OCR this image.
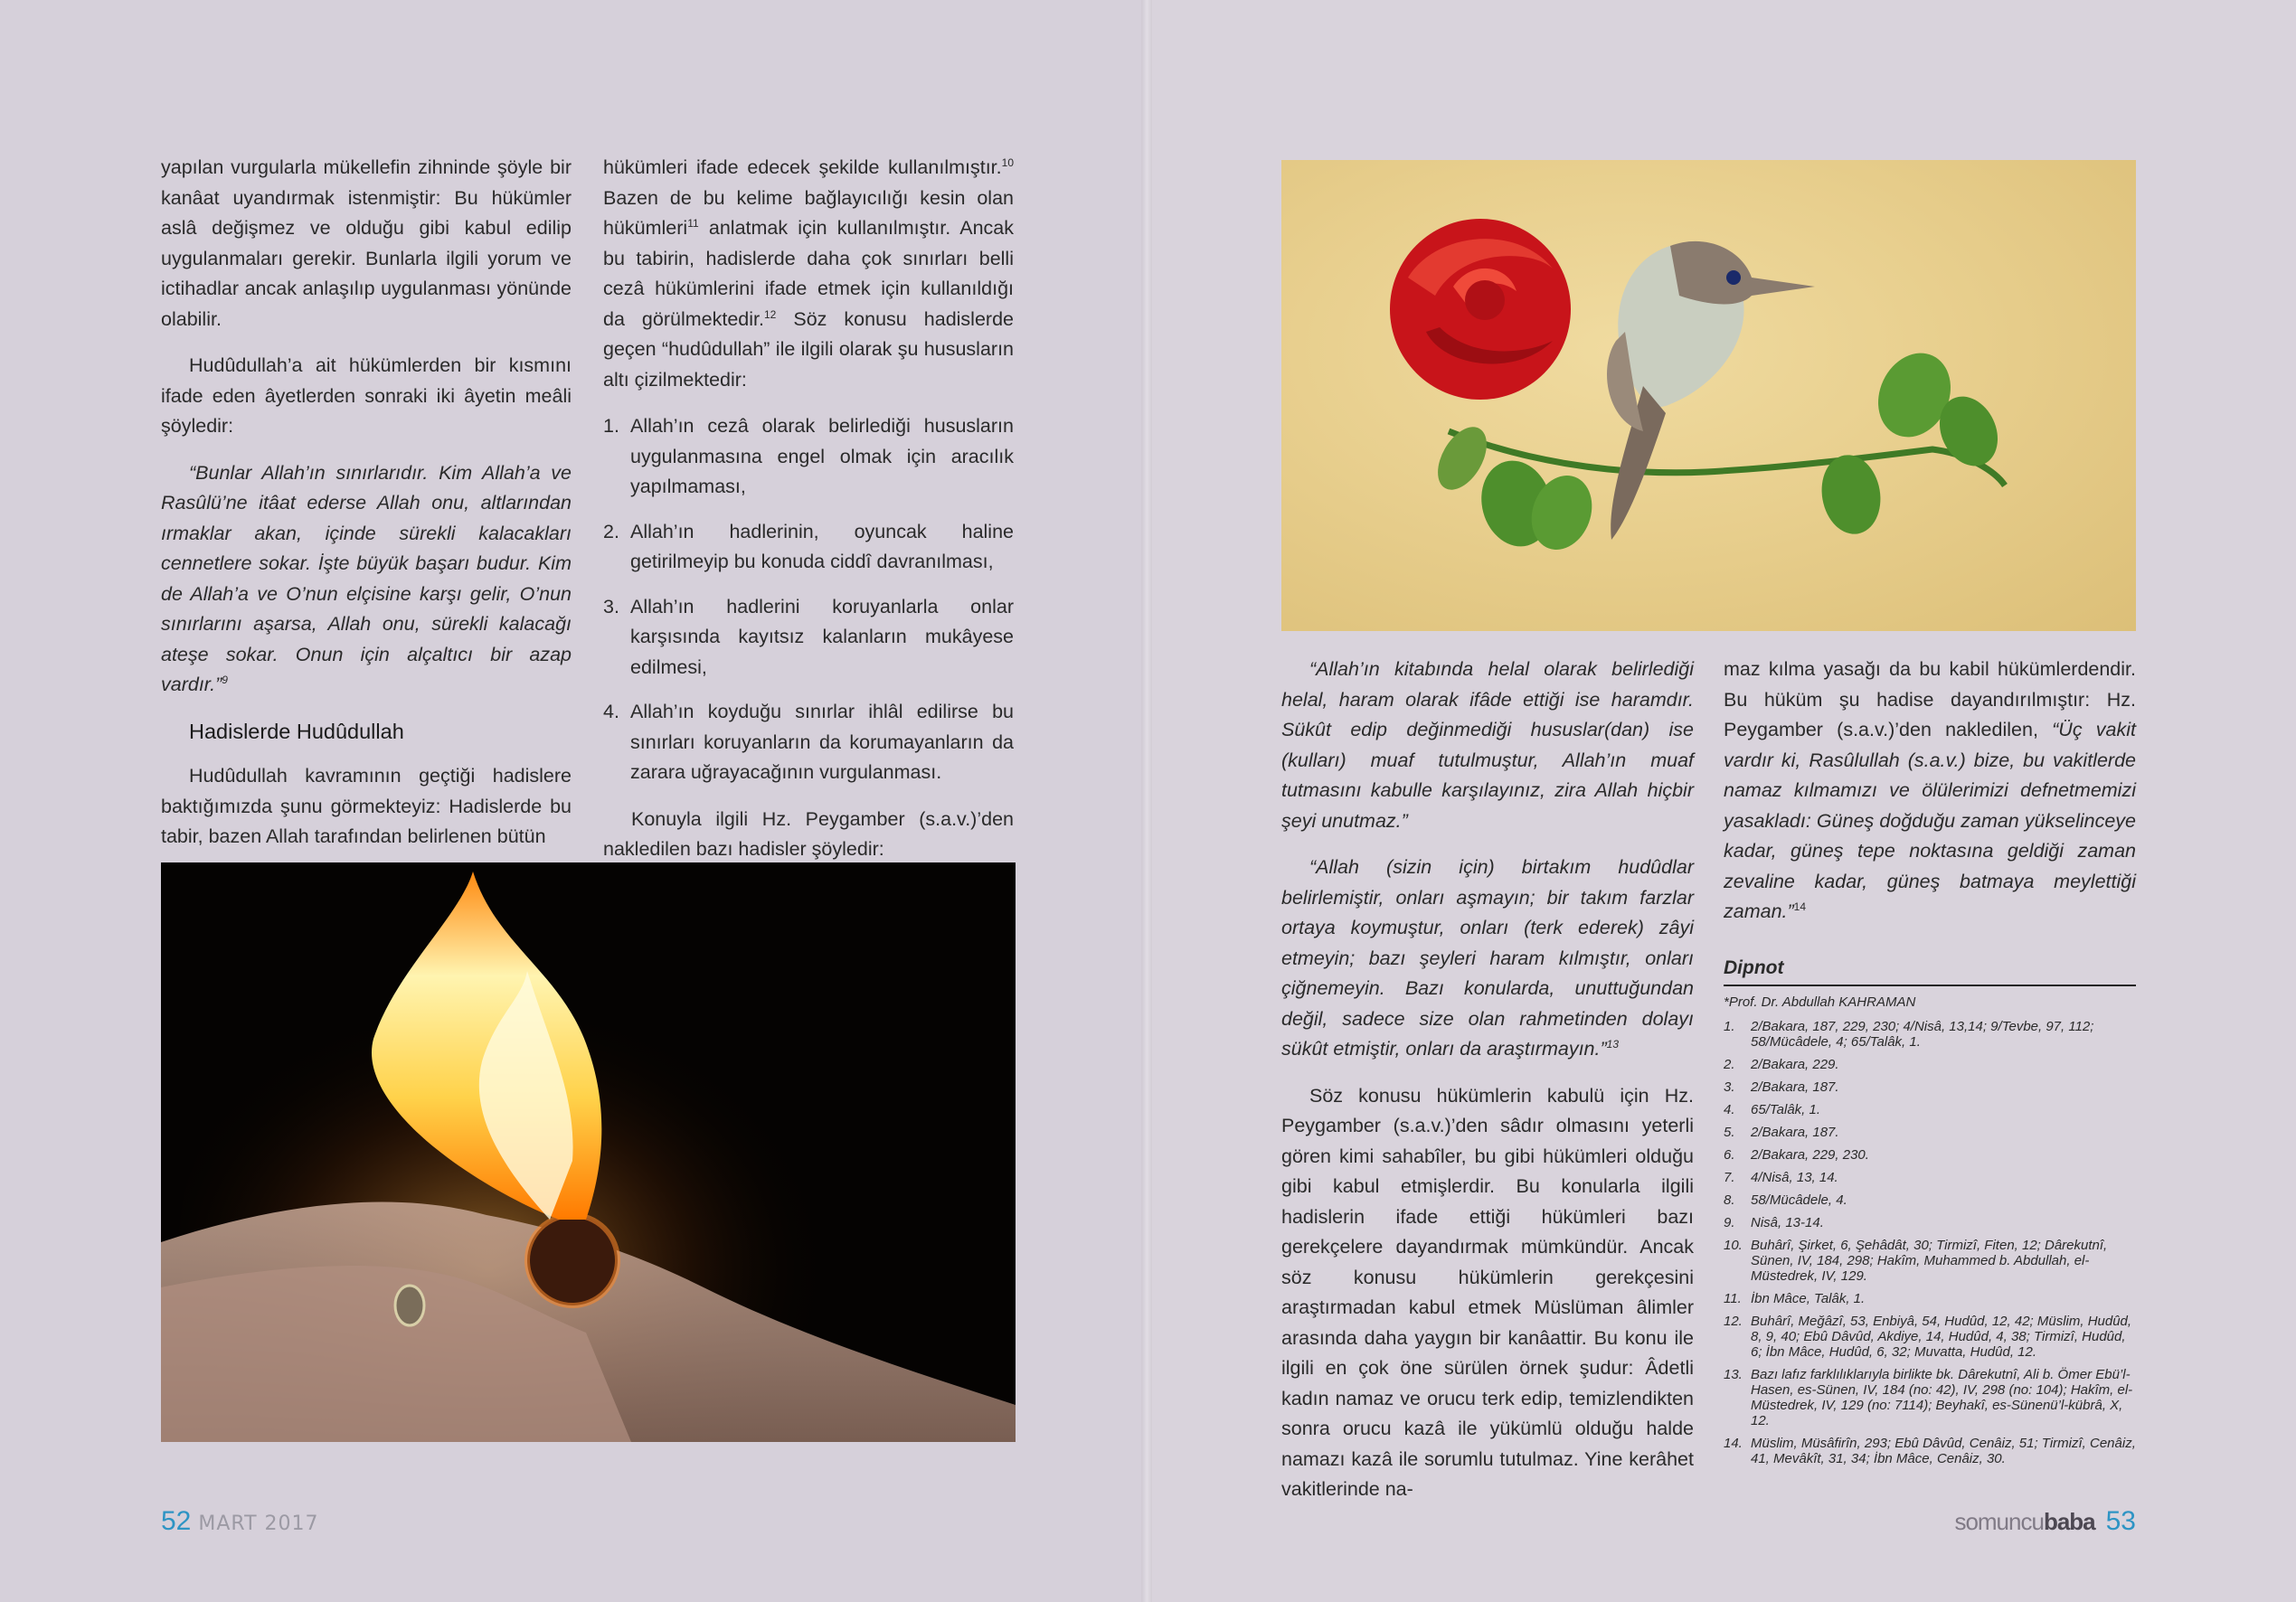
yapılan vurgularla mükellefin zihninde şöyle bir kanâat uyandırmak istenmiştir: Bu hükümler aslâ değişmez ve olduğu gibi kabul edilip uygulanmaları gerekir. Bunlarla ilgili yorum ve ictihadlar ancak anlaşılıp uygulanması yönünde olabilir.

Hudûdullah’a ait hükümlerden bir kısmını ifade eden âyetlerden sonraki iki âyetin meâli şöyledir:

“Bunlar Allah’ın sınırlarıdır. Kim Allah’a ve Rasûlü’ne itâat ederse Allah onu, altlarından ırmaklar akan, içinde sürekli kalacakları cennetlere sokar. İşte büyük başarı budur. Kim de Allah’a ve O’nun elçisine karşı gelir, O’nun sınırlarını aşarsa, Allah onu, sürekli kalacağı ateşe sokar. Onun için alçaltıcı bir azap vardır.”$^9$

Hadislerde Hudûdullah

Hudûdullah kavramının geçtiği hadislere baktığımızda şunu görmekteyiz: Hadislerde bu tabir, bazen Allah tarafından belirlenen bütün

hükümleri ifade edecek şekilde kullanılmıştır.$^{10}$ Bazen de bu kelime bağlayıcılığı kesin olan hükümleri$^{11}$ anlatmak için kullanılmıştır. Ancak bu tabirin, hadislerde daha çok sınırları belli cezâ hükümlerini ifade etmek için kullanıldığı da görülmektedir.$^{12}$ Söz konusu hadislerde geçen “hudûdullah” ile ilgili olarak şu hususların altı çizilmektedir:

1. Allah’ın cezâ olarak belirlediği hususların uygulanmasına engel olmak için aracılık yapılmaması,
2. Allah’ın hadlerinin, oyuncak haline getirilmeyip bu konuda ciddî davranılması,
3. Allah’ın hadlerini koruyanlarla onlar karşısında kayıtsız kalanların mukâyese edilmesi,
4. Allah’ın koyduğu sınırlar ihlâl edilirse bu sınırları koruyanların da korumayanların da zarara uğrayacağının vurgulanması.

Konuyla ilgili Hz. Peygamber (s.a.v.)’den nakledilen bazı hadisler şöyledir:

“Allah’ın kitabında helal olarak belirlediği helal, haram olarak ifâde ettiği ise haramdır. Sükût edip değinmediği hususlar(dan) ise (kulları) muaf tutulmuştur, Allah’ın muaf tutmasını kabulle karşılayınız, zira Allah hiçbir şeyi unutmaz.”

“Allah (sizin için) birtakım hudûdlar belirlemiştir, onları aşmayın; bir takım farzlar ortaya koymuştur, onları (terk ederek) zâyi etmeyin; bazı şeyleri haram kılmıştır, onları çiğnemeyin. Bazı konularda, unuttuğundan değil, sadece size olan rahmetinden dolayı sükût etmiştir, onları da araştırmayın.”$^{13}$

Söz konusu hükümlerin kabulü için Hz. Peygamber (s.a.v.)’den sâdır olmasını yeterli gören kimi sahabîler, bu gibi hükümleri olduğu gibi kabul etmişlerdir. Bu konularla ilgili hadislerin ifade ettiği hükümleri bazı gerekçelere dayandırmak mümkündür. Ancak söz konusu hükümlerin gerekçesini araştırmadan kabul etmek Müslüman âlimler arasında daha yaygın bir kanâattir. Bu konu ile ilgili en çok öne sürülen örnek şudur: Âdetli kadın namaz ve orucu terk edip, temizlendikten sonra orucu kazâ ile yükümlü olduğu halde namazı kazâ ile sorumlu tutulmaz. Yine kerâhet vakitlerinde na-

maz kılma yasağı da bu kabil hükümlerdendir. Bu hüküm şu hadise dayandırılmıştır: Hz. Peygamber (s.a.v.)’den nakledilen, “Üç vakit vardır ki, Rasûlullah (s.a.v.) bize, bu vakitlerde namaz kılmamızı ve ölülerimizi defnetmemizi yasakladı: Güneş doğduğu zaman yükselinceye kadar, güneş tepe noktasına geldiği zaman zevaline kadar, güneş batmaya meylettiği zaman.”$^{14}$

Dipnot
*Prof. Dr. Abdullah KAHRAMAN
1. 2/Bakara, 187, 229, 230; 4/Nisâ, 13,14; 9/Tevbe, 97, 112; 58/Mücâdele, 4; 65/Talâk, 1.
2. 2/Bakara, 229.
3. 2/Bakara, 187.
4. 65/Talâk, 1.
5. 2/Bakara, 187.
6. 2/Bakara, 229, 230.
7. 4/Nisâ, 13, 14.
8. 58/Mücâdele, 4.
9. Nisâ, 13-14.
10. Buhârî, Şirket, 6, Şehâdât, 30; Tirmizî, Fiten, 12; Dârekutnî, Sünen, IV, 184, 298; Hakîm, Muhammed b. Abdullah, el-Müstedrek, IV, 129.
11. İbn Mâce, Talâk, 1.
12. Buhârî, Meğâzî, 53, Enbiyâ, 54, Hudûd, 12, 42; Müslim, Hudûd, 8, 9, 40; Ebû Dâvûd, Akdiye, 14, Hudûd, 4, 38; Tirmizî, Hudûd, 6; İbn Mâce, Hudûd, 6, 32; Muvatta, Hudûd, 12.
13. Bazı lafız farklılıklarıyla birlikte bk. Dârekutnî, Ali b. Ömer Ebü’l-Hasen, es-Sünen, IV, 184 (no: 42), IV, 298 (no: 104); Hakîm, el-Müstedrek, IV, 129 (no: 7114); Beyhakî, es-Sünenü’l-kübrâ, X, 12.
14. Müslim, Müsâfirîn, 293; Ebû Dâvûd, Cenâiz, 51; Tirmizî, Cenâiz, 41, Mevâkît, 31, 34; İbn Mâce, Cenâiz, 30.
52 MART 2017	somuncubaba 53
